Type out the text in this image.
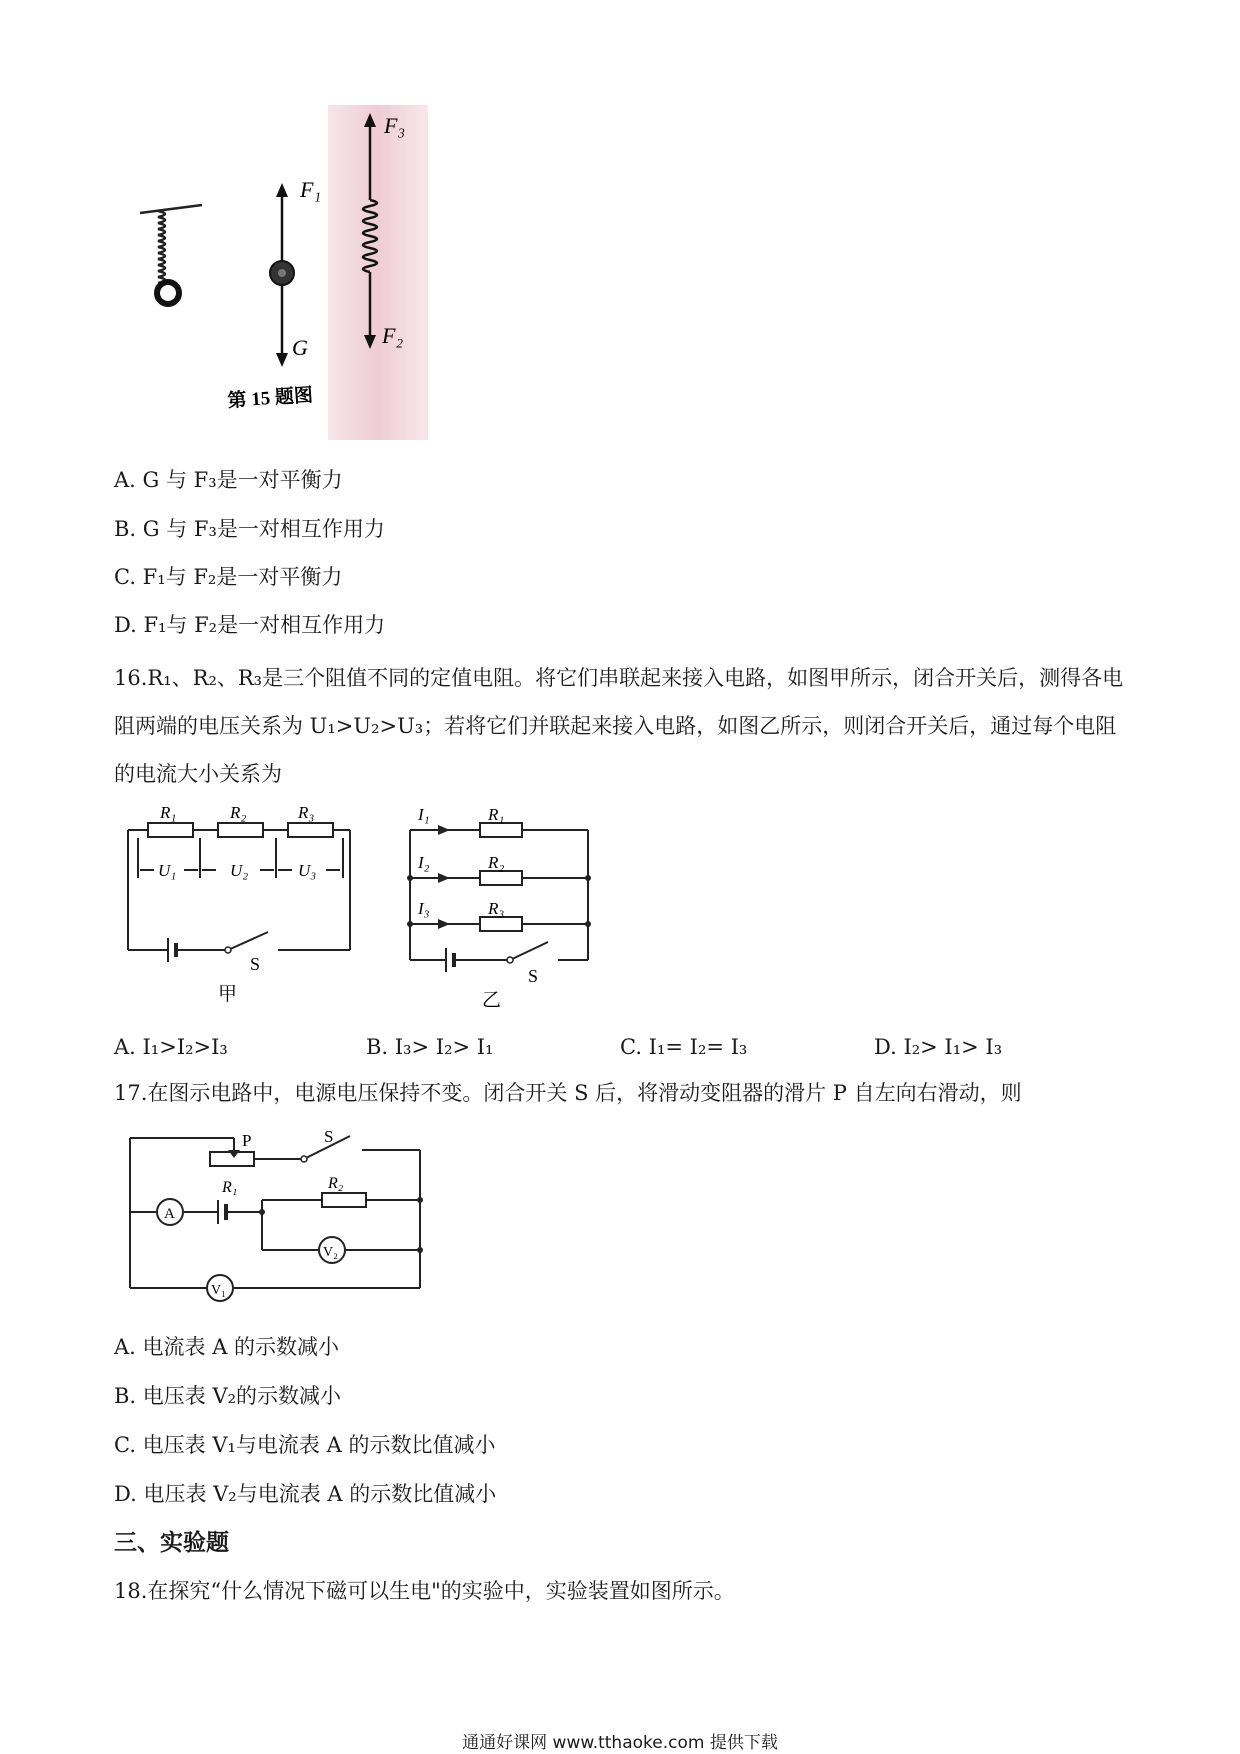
F₁
G
F₃
F₂
第 15 题图
A. G 与 F₃是一对平衡力
B. G 与 F₃是一对相互作用力
C. F₁与 F₂是一对平衡力
D. F₁与 F₂是一对相互作用力
16.R₁、R₂、R₃是三个阻值不同的定值电阻。将它们串联起来接入电路，如图甲所示，闭合开关后，测得各电阻两端的电压关系为 U₁>U₂>U₃；若将它们并联起来接入电路，如图乙所示，则闭合开关后，通过每个电阻的电流大小关系为
R₁	R₂	R₃
U₁	U₂	U₃
S
甲
I₁	R₁
I₂	R₂
I₃	R₃
S
乙
A. I₁>I₂>I₃	B. I₃> I₂> I₁	C. I₁= I₂= I₃	D. I₂> I₁> I₃
17.在图示电路中，电源电压保持不变。闭合开关 S 后，将滑动变阻器的滑片 P 自左向右滑动，则
P	S
R₁	R₂
A
V₂
V₁
A. 电流表 A 的示数减小
B. 电压表 V₂的示数减小
C. 电压表 V₁与电流表 A 的示数比值减小
D. 电压表 V₂与电流表 A 的示数比值减小
三、实验题
18.在探究“什么情况下磁可以生电"的实验中，实验装置如图所示。
通通好课网 www.tthaoke.com 提供下载
